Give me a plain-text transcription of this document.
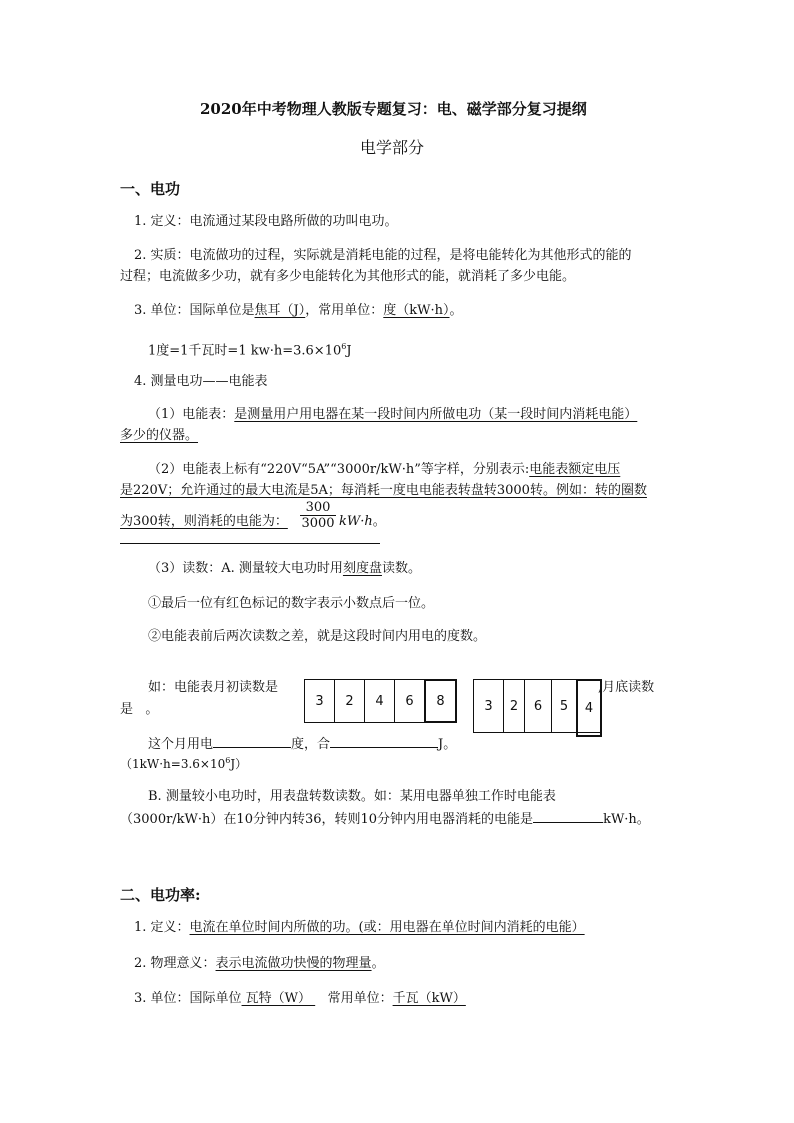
2020年中考物理人教版专题复习：电、磁学部分复习提纲
电学部分
一、电功
1. 定义：电流通过某段电路所做的功叫电功。
2. 实质：电流做功的过程，实际就是消耗电能的过程，是将电能转化为其他形式的能的
过程；电流做多少功，就有多少电能转化为其他形式的能，就消耗了多少电能。
3. 单位：国际单位是焦耳（J），常用单位：度（kW·h）。
1度=1千瓦时=1 $kw\cdot h=3.6\times 10^6J$
4. 测量电功——电能表
（1）电能表：是测量用户用电器在某一段时间内所做电功（某一段时间内消耗电能）
多少的仪器。
（2）电能表上标有“220V“5A”“3000r/kW·h”等字样，分别表示:电能表额定电压
是220V；允许通过的最大电流是5A；每消耗一度电电能表转盘转3000转。例如：转的圈数
为300转，则消耗的电能为： $\frac{300}{3000} kW\cdot h$。
（3）读数：A. 测量较大电功时用刻度盘读数。
①最后一位有红色标记的数字表示小数点后一位。
②电能表前后两次读数之差，就是这段时间内用电的度数。
如：电能表月初读数是
是 。
3	2	4	6	8	3	2	6	5	4
,月底读数
这个月用电	度，合	J。
$(1kW\cdot h=3.6\times 10^6J)$
B. 测量较小电功时，用表盘转数读数。如：某用电器单独工作时电能表
（3000r/kW·h）在10分钟内转36，转则10分钟内用电器消耗的电能是	kW·h。
二、电功率:
1. 定义：电流在单位时间内所做的功。(或：用电器在单位时间内消耗的电能）
2. 物理意义：表示电流做功快慢的物理量。
3. 单位：国际单位 瓦特（W）    常用单位：千瓦（kW）
